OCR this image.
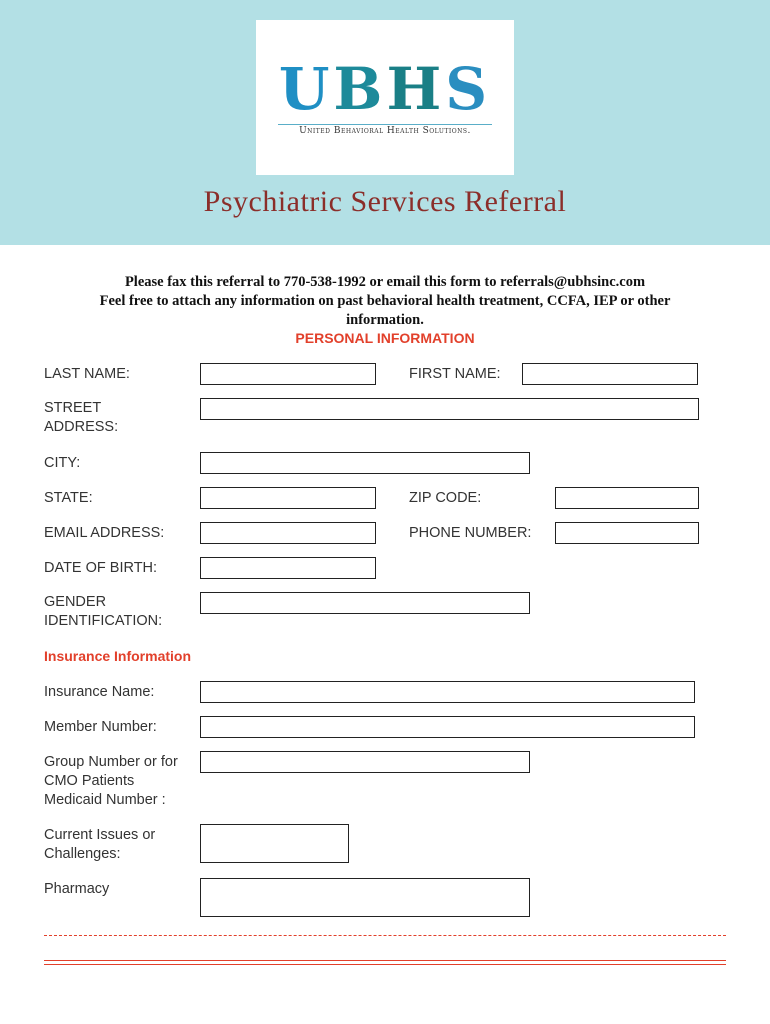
UBHS
United Behavioral Health Solutions.
Psychiatric Services Referral
Please fax this referral to 770-538-1992 or email this form to referrals@ubhsinc.com
Feel free to attach any information on past behavioral health treatment, CCFA, IEP or other information.
PERSONAL INFORMATION
LAST NAME:	FIRST NAME:
STREET ADDRESS:
CITY:
STATE:	ZIP CODE:
EMAIL ADDRESS:	PHONE NUMBER:
DATE OF BIRTH:
GENDER IDENTIFICATION:
Insurance Information
Insurance Name:
Member Number:
Group Number or for CMO Patients Medicaid Number :
Current Issues or Challenges:
Pharmacy
